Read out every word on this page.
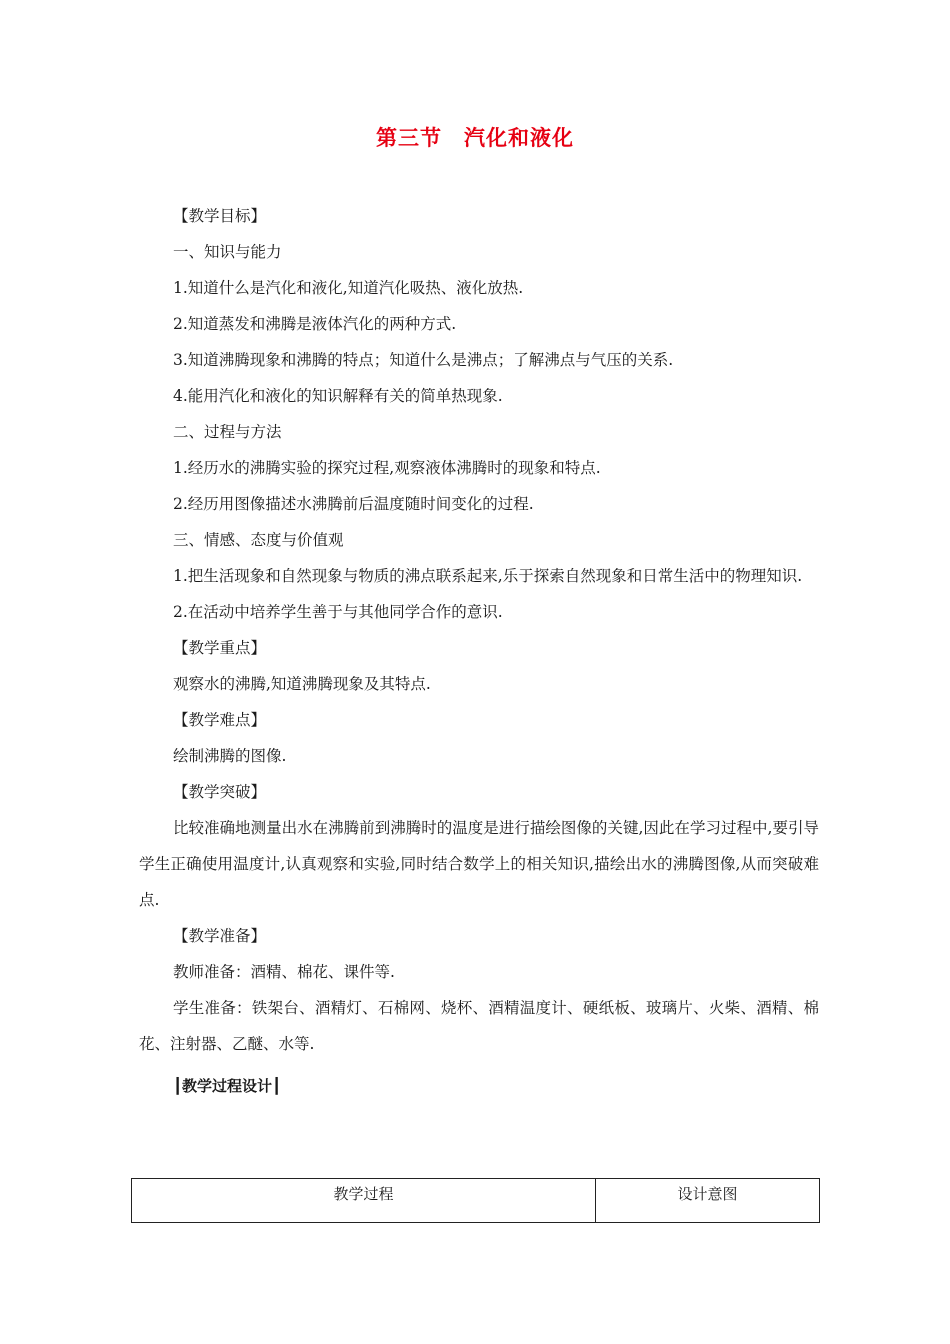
第三节　汽化和液化
【教学目标】
一、知识与能力
1.知道什么是汽化和液化,知道汽化吸热、液化放热.
2.知道蒸发和沸腾是液体汽化的两种方式.
3.知道沸腾现象和沸腾的特点；知道什么是沸点；了解沸点与气压的关系.
4.能用汽化和液化的知识解释有关的简单热现象.
二、过程与方法
1.经历水的沸腾实验的探究过程,观察液体沸腾时的现象和特点.
2.经历用图像描述水沸腾前后温度随时间变化的过程.
三、情感、态度与价值观
1.把生活现象和自然现象与物质的沸点联系起来,乐于探索自然现象和日常生活中的物理知识.
2.在活动中培养学生善于与其他同学合作的意识.
【教学重点】
观察水的沸腾,知道沸腾现象及其特点.
【教学难点】
绘制沸腾的图像.
【教学突破】
比较准确地测量出水在沸腾前到沸腾时的温度是进行描绘图像的关键,因此在学习过程中,要引导学生正确使用温度计,认真观察和实验,同时结合数学上的相关知识,描绘出水的沸腾图像,从而突破难点.
【教学准备】
教师准备：酒精、棉花、课件等.
学生准备：铁架台、酒精灯、石棉网、烧杯、酒精温度计、硬纸板、玻璃片、火柴、酒精、棉花、注射器、乙醚、水等.
┃教学过程设计┃
教学过程	设计意图
